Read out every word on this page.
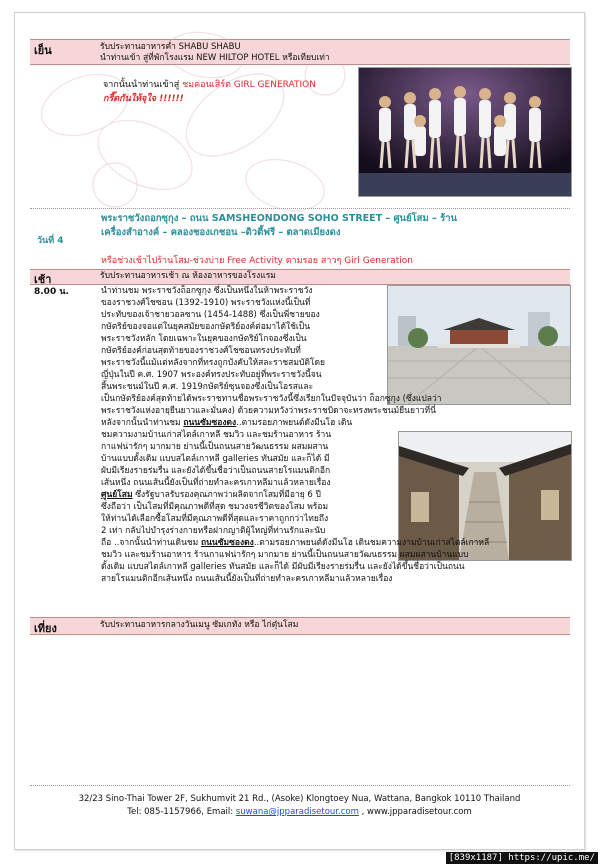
เย็น	รับประทานอาหารค่ำ SHABU SHABU
นำท่านเข้า สู่ที่พักโรงแรม NEW HILTOP HOTEL หรือเทียบเท่า
จากนั้นนำท่านเข้าสู่ ชมคอนเสิร์ต GIRL GENERATION
กรี๊ดกันให้จุใจ !!!!!!
วันที่ 4
พระราชวังถอกซุกุง – ถนน SAMSHEONDONG SOHO STREET – ศูนย์โสม – ร้าน
เครื่องสำอางค์ – คลองชองเกชอน –ดิวตี้ฟรี – ตลาดเมียงดง
หรือช่วงเช้าไปร้านโสม-ช่วงบ่าย Free Activity ตามรอย สาวๆ Girl Generation
เช้า	รับประทานอาหารเช้า ณ ห้องอาหารของโรงแรม
8.00 น.	นำท่านชม พระราชวังถ็อกซูกุง ซึ่งเป็นหนึ่งในห้าพระราชวัง
ของราชวงศ์โชซอน (1392-1910) พระราชวังแห่งนี้เป็นที่
ประทับของเจ้าชายวอลซาน (1454-1488) ซึ่งเป็นพี่ชายของ
กษัตริย์ของจอแต่ในยุคสมัยของกษัตริย์องค์ต่อมาได้ใช้เป็น
พระราชวังหลัก โดยเฉพาะในยุคของกษัตริย์โกจองซึ่งเป็น
กษัตริย์องค์ก่อนสุดท้ายของราชวงศ์โชซอนทรงประทับที่
พระราชวังนี้แม้แต่หลังจากที่ทรงถูกบังคับให้สละราชสมบัติโดย
ญี่ปุ่นในปี ค.ศ. 1907 พระองค์ทรงประทับอยู่ที่พระราชวังนี้จน
สิ้นพระชนม์ในปี ค.ศ. 1919กษัตริย์ซุนจองซึ่งเป็นโอรสและ
เป็นกษัตริย์องค์สุดท้ายได้พระราชทานชื่อพระราชวังนี้ซึ่งเรียกในปัจจุบันว่า ถ็อกซูกุง (ซึ่งแปลว่า
พระราชวังแห่งอายุยืนยาวและมั่นคง) ด้วยความหวังว่าพระราชบิดาจะทรงพระชนม์ยืนยาวที่นี่
หลังจากนั้นนำท่านชม ถนนซัมซองดง..ตามรอยภาพยนต์ดังมีนโฮ เดิน
ชมความงามบ้านเก่าสไตล์เกาหลี ชมวิว และชมร้านอาหาร ร้าน
กาแฟน่ารักๆ มากมาย ย่านนี้เป็นถนนสายวัฒนธรรม ผสมผสาน
บ้านแบบดั้งเดิม แบบสไตล์เกาหลี galleries ทันสมัย และก็ได้ มี
ผับมีเรียงรายร่มรื่น และยังได้ขึ้นชื่อว่าเป็นถนนสายโรแมนติกอีก
เส้นหนึ่ง ถนนเส้นนี้ยังเป็นที่ถ่ายทำละครเกาหลีมาแล้วหลายเรื่อง
ศูนย์โสม ซึ่งรัฐบาลรับรองคุณภาพว่าผลิตจากโสมที่มีอายุ 6 ปี
ซึ่งถือว่า เป็นโสมที่มีคุณภาพดีที่สุด ชมวงจรชีวิตของโสม พร้อม
ให้ท่านได้เลือกซื้อโสมที่มีคุณภาพดีที่สุดและราคาถูกกว่าไทยถึง
2 เท่า กลับไปบำรุงร่างกายหรือฝากญาติผู้ใหญ่ที่ท่านรักและนับ
ถือ ..จากนั้นนำท่านเดินชม ถนนซัมซองดง..ตามรอยภาพยนต์ดังมีนโฮ เดินชมความงามบ้านเก่าสไตล์เกาหลี
ชมวิว และชมร้านอาหาร ร้านกาแฟน่ารักๆ มากมาย ย่านนี้เป็นถนนสายวัฒนธรรม ผสมผสานบ้านแบบ
ดั้งเดิม แบบสไตล์เกาหลี galleries ทันสมัย และก็ได้ มีผับมีเรียงรายร่มรื่น และยังได้ขึ้นชื่อว่าเป็นถนน
สายโรแมนติกอีกเส้นหนึ่ง ถนนเส้นนี้ยังเป็นที่ถ่ายทำละครเกาหลีมาแล้วหลายเรื่อง
เที่ยง	รับประทานอาหารกลางวันเมนู ซัมเกทัง หรือ ไก่ตุ๋นโสม
32/23 Sino-Thai Tower 2F, Sukhumvit 21 Rd., (Asoke) Klongtoey Nua, Wattana, Bangkok 10110 Thailand
Tel: 085-1157966, Email: suwana@jpparadisetour.com , www.jpparadisetour.com
[839x1187] https://upic.me/
